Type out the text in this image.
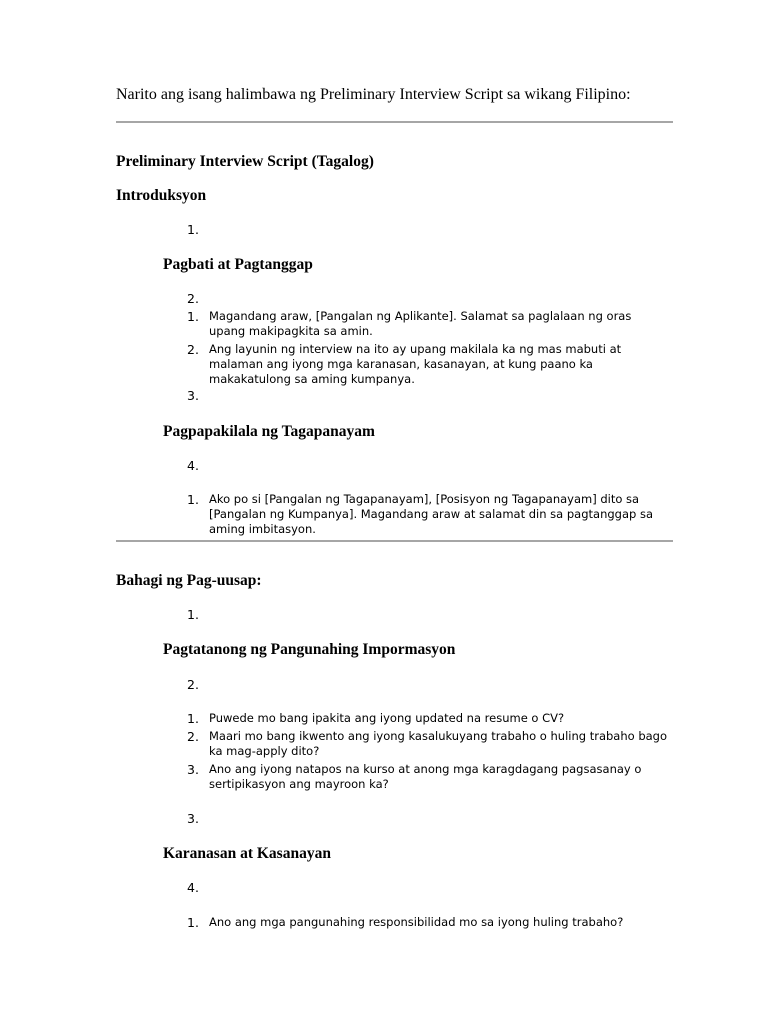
Narito ang isang halimbawa ng Preliminary Interview Script sa wikang Filipino:
Preliminary Interview Script (Tagalog)
Introduksyon
1.
Pagbati at Pagtanggap
2.
1. Magandang araw, [Pangalan ng Aplikante]. Salamat sa paglalaan ng oras upang makipagkita sa amin.
2. Ang layunin ng interview na ito ay upang makilala ka ng mas mabuti at malaman ang iyong mga karanasan, kasanayan, at kung paano ka makakatulong sa aming kumpanya.
3.
Pagpapakilala ng Tagapanayam
4.
1. Ako po si [Pangalan ng Tagapanayam], [Posisyon ng Tagapanayam] dito sa [Pangalan ng Kumpanya]. Magandang araw at salamat din sa pagtanggap sa aming imbitasyon.
Bahagi ng Pag-uusap:
1.
Pagtatanong ng Pangunahing Impormasyon
2.
1. Puwede mo bang ipakita ang iyong updated na resume o CV?
2. Maari mo bang ikwento ang iyong kasalukuyang trabaho o huling trabaho bago ka mag-apply dito?
3. Ano ang iyong natapos na kurso at anong mga karagdagang pagsasanay o sertipikasyon ang mayroon ka?
3.
Karanasan at Kasanayan
4.
1. Ano ang mga pangunahing responsibilidad mo sa iyong huling trabaho?
